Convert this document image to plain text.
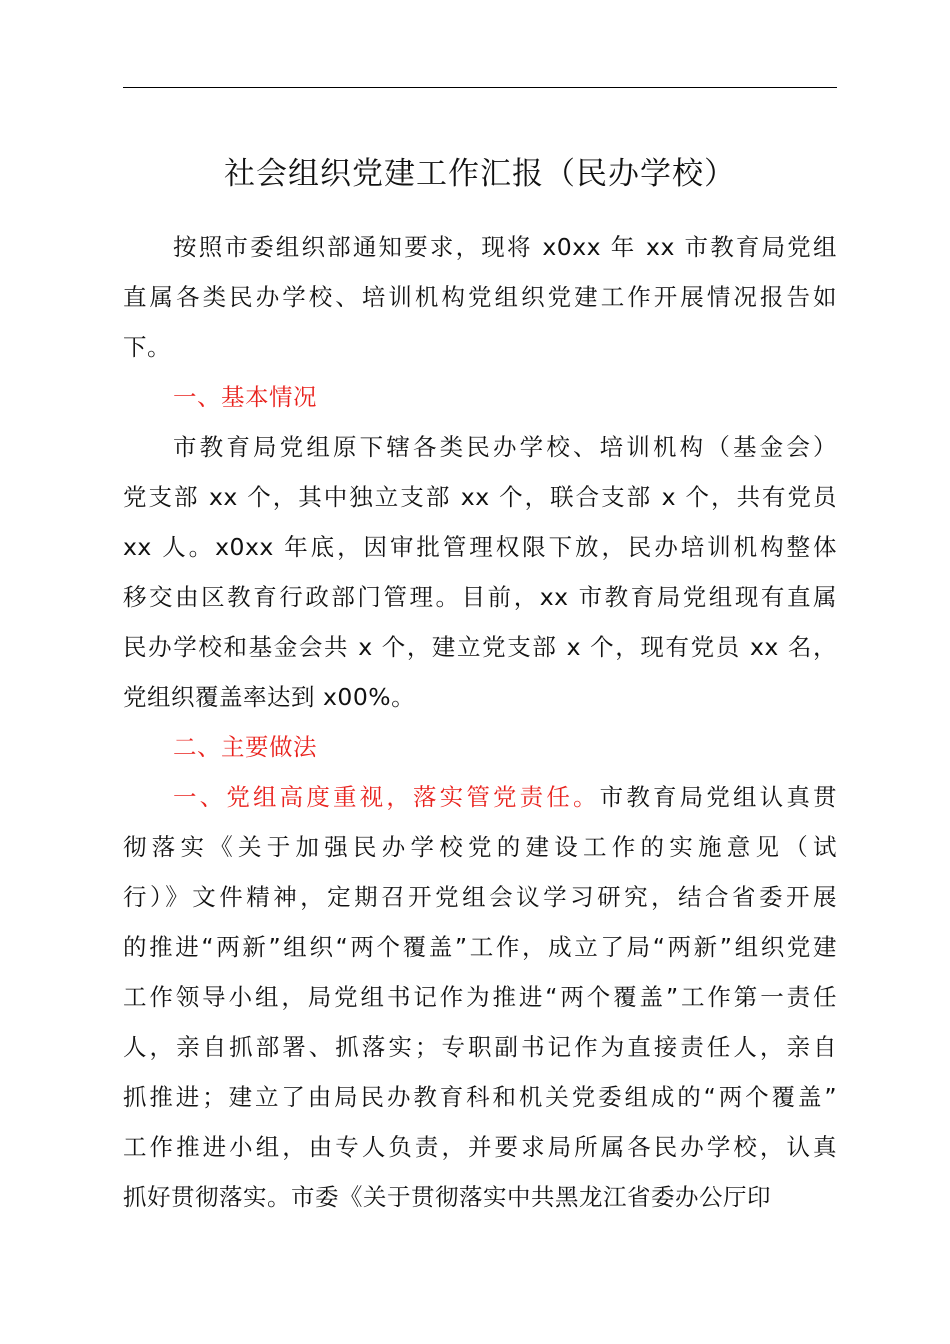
社会组织党建工作汇报（民办学校）
按照市委组织部通知要求，现将 x0xx 年 xx 市教育局党组
直属各类民办学校、培训机构党组织党建工作开展情况报告如
下。
一、基本情况
市教育局党组原下辖各类民办学校、培训机构（基金会）
党支部 xx 个，其中独立支部 xx 个，联合支部 x 个，共有党员
xx 人。x0xx 年底，因审批管理权限下放，民办培训机构整体
移交由区教育行政部门管理。目前，xx 市教育局党组现有直属
民办学校和基金会共 x 个，建立党支部 x 个，现有党员 xx 名，
党组织覆盖率达到 x00%。
二、主要做法
一、党组高度重视，落实管党责任。市教育局党组认真贯
彻落实《关于加强民办学校党的建设工作的实施意见（试
行）》文件精神，定期召开党组会议学习研究，结合省委开展
的推进“两新”组织“两个覆盖”工作，成立了局“两新”组织党建
工作领导小组，局党组书记作为推进“两个覆盖”工作第一责任
人，亲自抓部署、抓落实；专职副书记作为直接责任人，亲自
抓推进；建立了由局民办教育科和机关党委组成的“两个覆盖”
工作推进小组，由专人负责，并要求局所属各民办学校，认真
抓好贯彻落实。市委《关于贯彻落实中共黑龙江省委办公厅印
